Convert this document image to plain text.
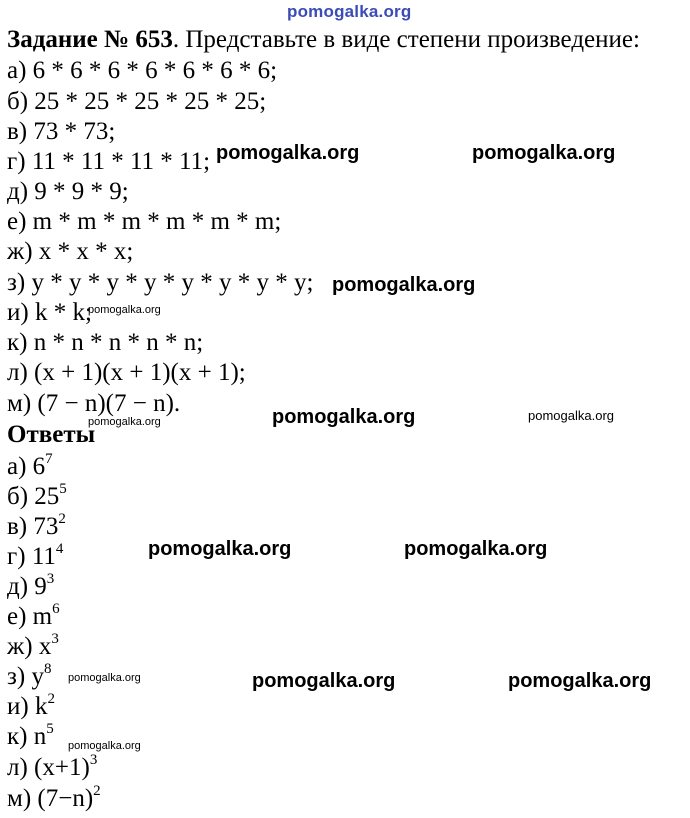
pomogalka.org
Задание № 653. Представьте в виде степени произведение:
а) 6 * 6 * 6 * 6 * 6 * 6 * 6;
б) 25 * 25 * 25 * 25 * 25;
в) 73 * 73;
г) 11 * 11 * 11 * 11;
д) 9 * 9 * 9;
е) m * m * m * m * m * m;
ж) x * x * x;
з) y * y * y * y * y * y * y * y;
и) k * k;
к) n * n * n * n * n;
л) (x + 1)(x + 1)(x + 1);
м) (7 − n)(7 − n).
Ответы
а) $6^7$
б) $25^5$
в) $73^2$
г) $11^4$
д) $9^3$
е) $m^6$
ж) $x^3$
з) $y^8$
и) $k^2$
к) $n^5$
л) $(x+1)^3$
м) $(7-n)^2$
pomogalka.org	pomogalka.org
pomogalka.org
pomogalka.org
pomogalka.org	pomogalka.org
pomogalka.org
pomogalka.org	pomogalka.org
pomogalka.org	pomogalka.org	pomogalka.org
pomogalka.org
